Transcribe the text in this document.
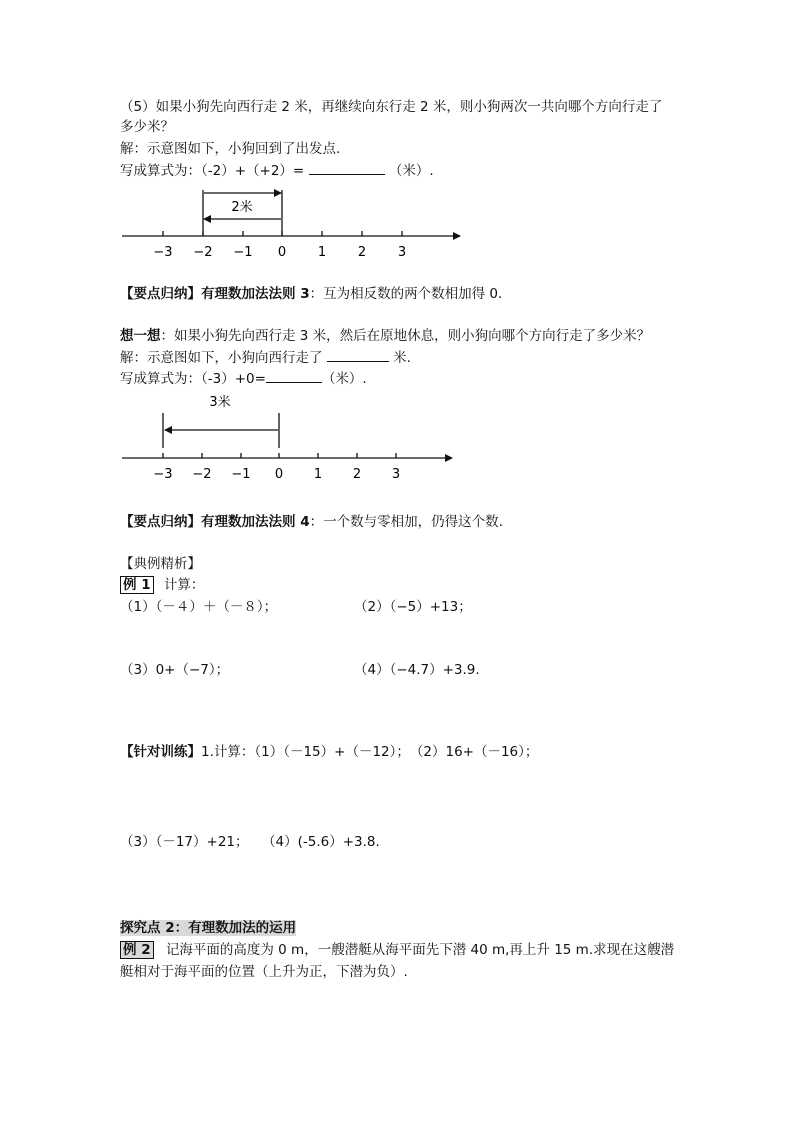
（5）如果小狗先向西行走 2 米，再继续向东行走 2 米，则小狗两次一共向哪个方向行走了
多少米？
解：示意图如下，小狗回到了出发点.
写成算式为：（-2）+（+2）=	（米）.
−3 −2 −1 0 1 2 3
2米
−3 −2 −1 0 1 2 3
3米
【要点归纳】有理数加法法则 3：互为相反数的两个数相加得 0.
想一想：如果小狗先向西行走 3 米，然后在原地休息，则小狗向哪个方向行走了多少米？
解：示意图如下，小狗向西行走了	米.
写成算式为：（-3）+0=	（米）.
【要点归纳】有理数加法法则 4：一个数与零相加，仍得这个数.
【典例精析】
例 1 计算：
（1）（－４）＋（－８）；	（2）（−5）+13；
（3）0+（−7）；	（4）（−4.7）+3.9.
【针对训练】1.计算：（1）（－15）+（－12）；　（2）16+（－16）；
（3）（－17）+21；　　（4）(-5.6）+3.8.
探究点 2：有理数加法的运用
例 2 记海平面的高度为 0 m，一艘潜艇从海平面先下潜 40 m,再上升 15 m.求现在这艘潜
艇相对于海平面的位置（上升为正，下潜为负）.
